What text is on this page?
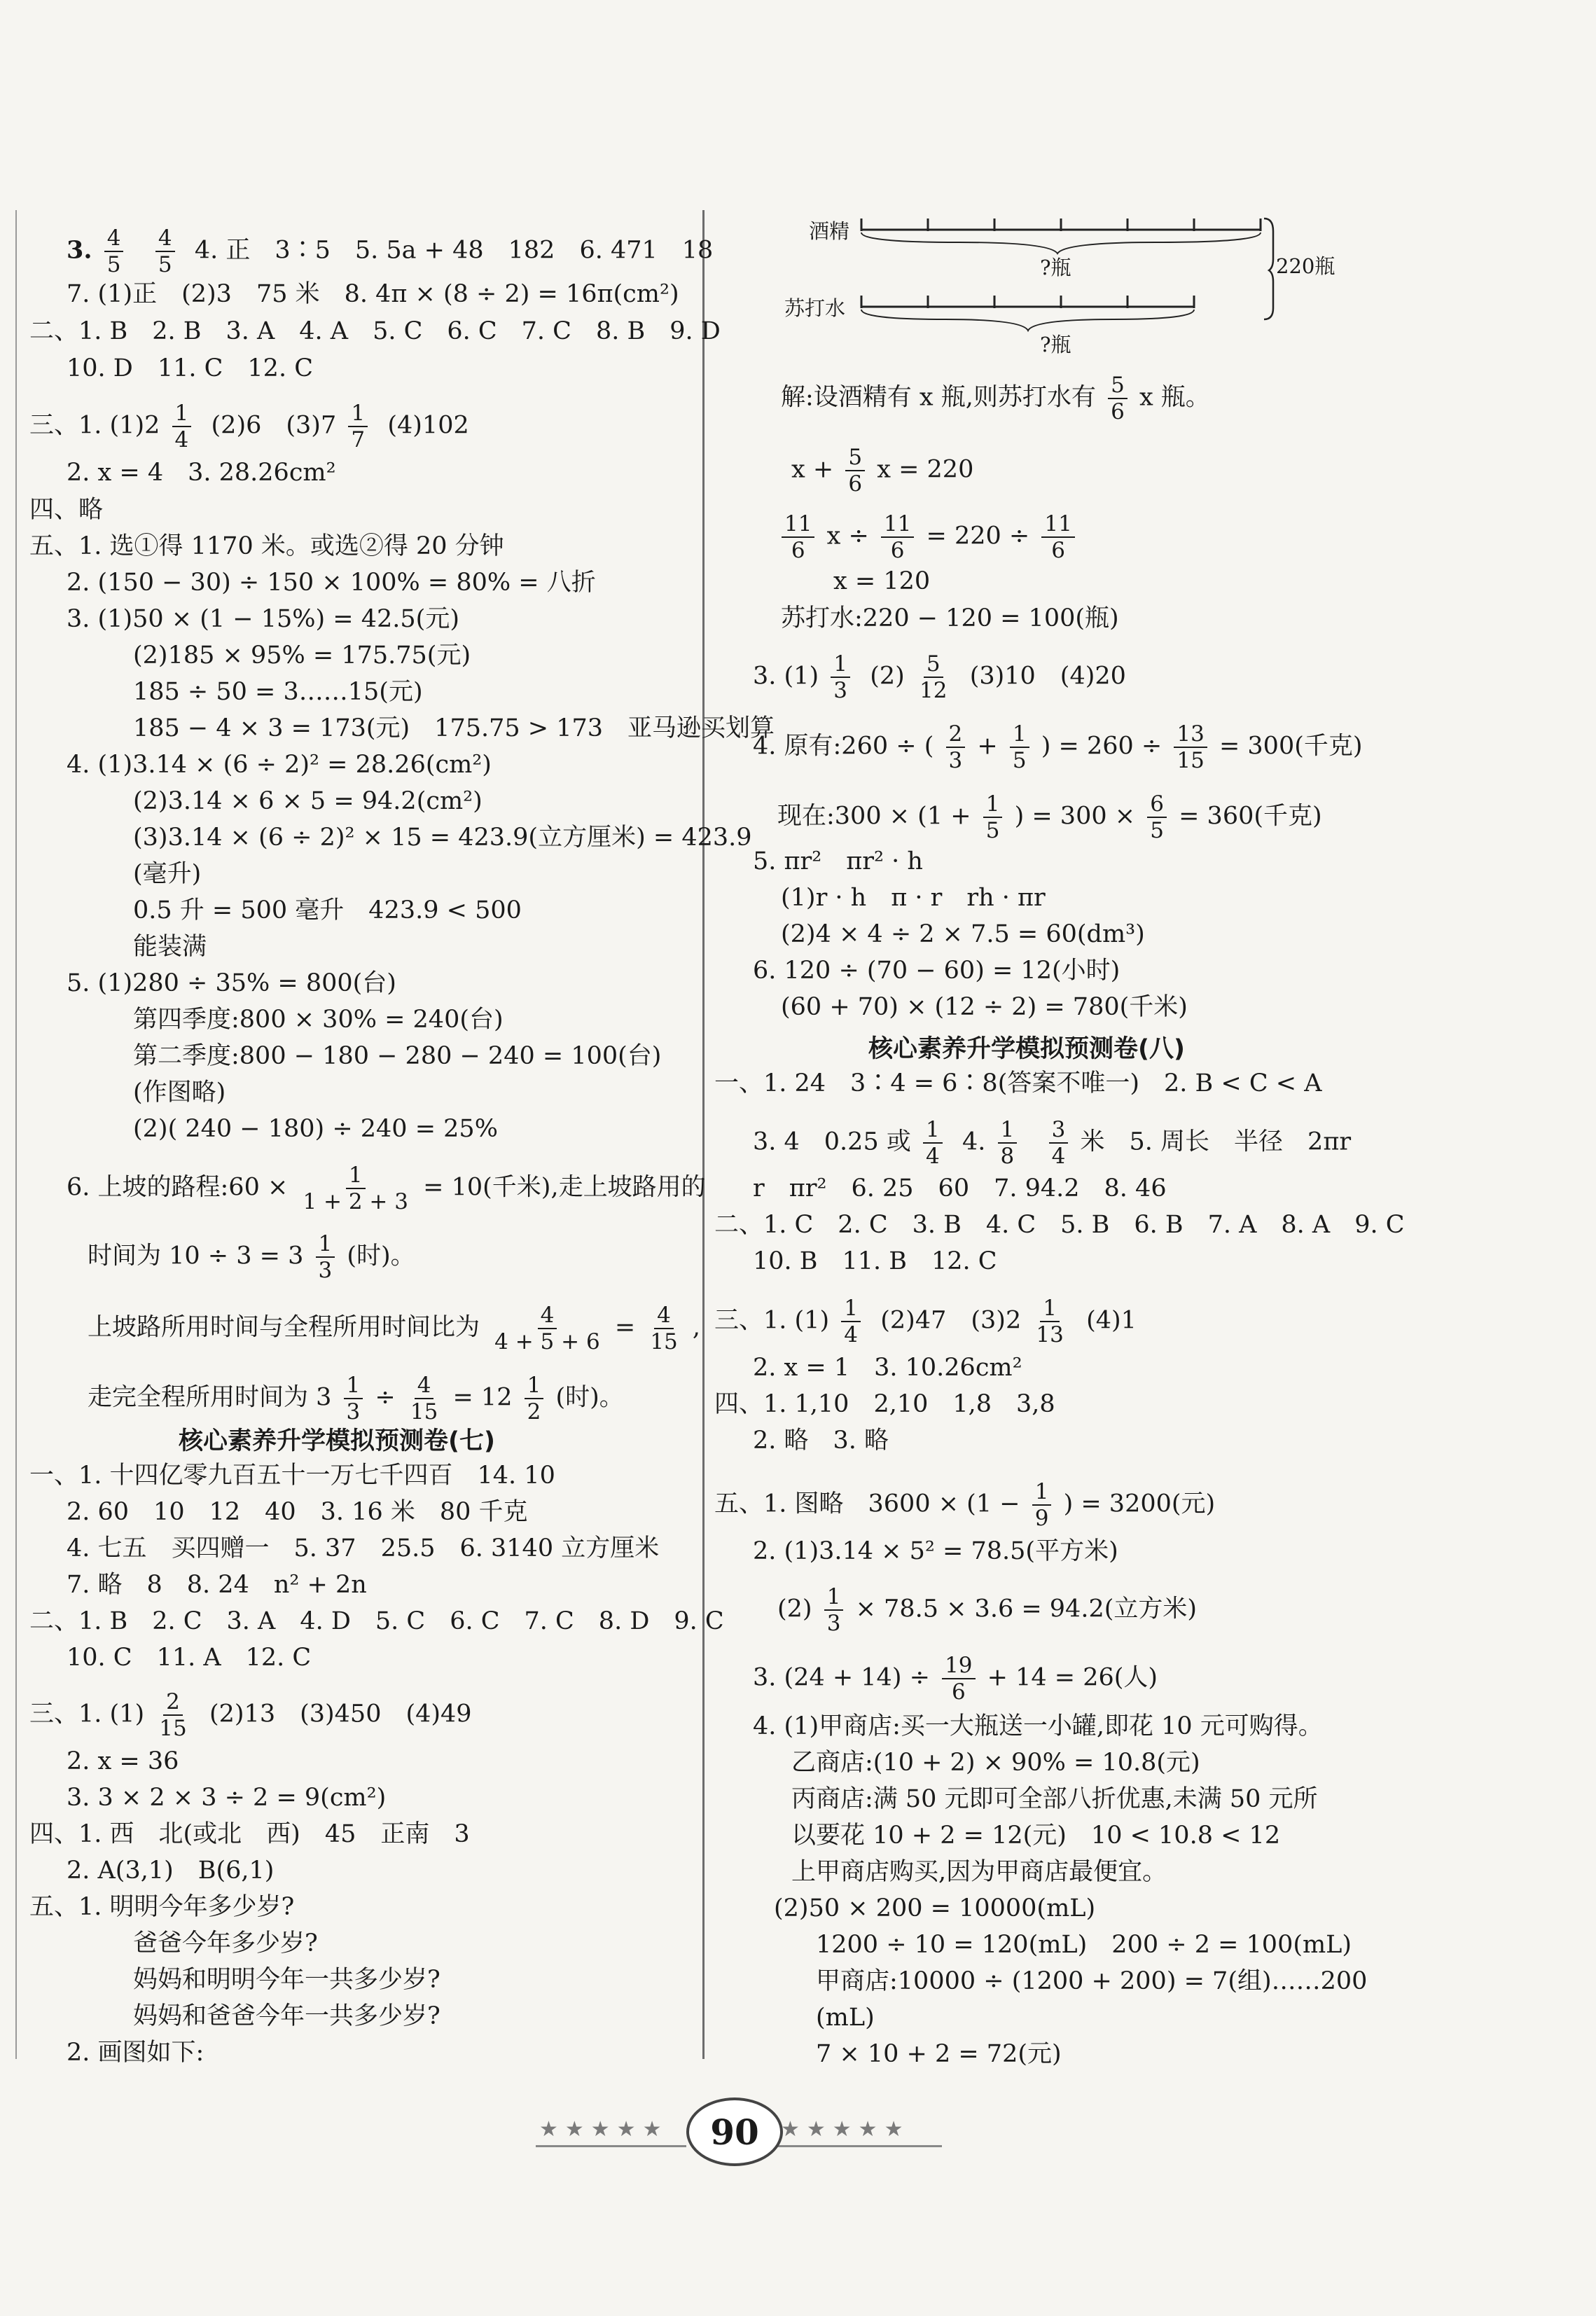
3. $\frac{4}{5}$
$\frac{4}{5} 4$. 正　3∶5　5. 5a + 48　182　6. 471　18
7. (1)正　(2)3　75 米　8. 4π × (8 ÷ 2) = 16π(cm²)
二、1. B　2. B　3. A　4. A　5. C　6. C　7. C　8. B　9. D
10. D　11. C　12. C
三、1. $(1)2 \frac{1}{4} (2)6$　$(3)7 \frac{1}{7} (4)102$
2. x = 4　3. 28.26cm²
四、略
五、1. 选①得 1170 米。或选②得 20 分钟
2. (150 − 30) ÷ 150 × 100% = 80% = 八折
3. (1)50 × (1 − 15%) = 42.5(元)
(2)185 × 95% = 175.75(元)
185 ÷ 50 = 3……15(元)
185 − 4 × 3 = 173(元)　175.75 > 173　亚马逊买划算
4. (1)3.14 × (6 ÷ 2)² = 28.26(cm²)
(2)3.14 × 6 × 5 = 94.2(cm²)
(3)3.14 × (6 ÷ 2)² × 15 = 423.9(立方厘米) = 423.9
(毫升)
0.5 升 = 500 毫升　423.9 < 500
能装满
5. (1)280 ÷ 35% = 800(台)
第四季度:800 × 30% = 240(台)
第二季度:800 − 180 − 280 − 240 = 100(台)
(作图略)
(2)( 240 − 180) ÷ 240 = 25%
6. 上坡的路程:60 × $\frac{1}{1 + 2 + 3} = 10$(千米),走上坡路用的
时间为 $10 \div 3 = 3 \frac{1}{3}$ (时)。
上坡路所用时间与全程所用时间比为 $\frac{4}{4 + 5 + 6} = \frac{4}{15}$ ,
走完全程所用时间为 $3 \frac{1}{3} \div \frac{4}{15} = 12 \frac{1}{2}$ (时)。
核心素养升学模拟预测卷(七)
一、1. 十四亿零九百五十一万七千四百　14. 10
2. 60　10　12　40　3. 16 米　80 千克
4. 七五　买四赠一　5. 37　25.5　6. 3140 立方厘米
7. 略　8　8. 24　n² + 2n
二、1. B　2. C　3. A　4. D　5. C　6. C　7. C　8. D　9. C
10. C　11. A　12. C
三、1. $(1) \frac{2}{15} (2)13$　(3)450　(4)49
2. x = 36
3. 3 × 2 × 3 ÷ 2 = 9(cm²)
四、1. 西　北(或北　西)　45　正南　3
2. A(3,1)　B(6,1)
五、1. 明明今年多少岁?
爸爸今年多少岁?
妈妈和明明今年一共多少岁?
妈妈和爸爸今年一共多少岁?
2. 画图如下:
酒精
苏打水
?瓶
?瓶
220瓶
解:设酒精有 x 瓶,则苏打水有 $\frac{5}{6}$ x 瓶。
$x + \frac{5}{6}$ x = 220
$\frac{11}{6}$ $x \div \frac{11}{6} = 220 \div \frac{11}{6}$
x = 120
苏打水:220 − 120 = 100(瓶)
3. $(1) \frac{1}{3} (2) \frac{5}{12} (3)10$　(4)20
4. 原有:260 ÷ ( $\frac{2}{3} + \frac{1}{5}$ ) = $260 \div \frac{13}{15} = 300$(千克)
现在:300 × ($1 + \frac{1}{5}$ ) = $300 \times \frac{6}{5} = 360$(千克)
5. πr²　πr² · h
(1)r · h　π · r　rh · πr
(2)4 × 4 ÷ 2 × 7.5 = 60(dm³)
6. 120 ÷ (70 − 60) = 12(小时)
(60 + 70) × (12 ÷ 2) = 780(千米)
核心素养升学模拟预测卷(八)
一、1. 24　3∶4 = 6∶8(答案不唯一)　2. B < C < A
3. 4　0.25 或 $\frac{1}{4} 4$. $\frac{1}{8}$
$\frac{3}{4}$ 米　5. 周长　半径　2πr
r　πr²　6. 25　60　7. 94.2　8. 46
二、1. C　2. C　3. B　4. C　5. B　6. B　7. A　8. A　9. C
10. B　11. B　12. C
三、1. $(1) \frac{1}{4} (2)47$　$(3)2 \frac{1}{13} (4)1$
2. x = 1　3. 10.26cm²
四、1. 1,10　2,10　1,8　3,8
2. 略　3. 略
五、1. 图略　$3600 \times (1 - \frac{1}{9}$ ) = 3200(元)
2. (1)3.14 × 5² = 78.5(平方米)
$(2) \frac{1}{3} \times 78.5 \times 3.6 = 94.2$(立方米)
3. $(24 + 14) \div \frac{19}{6} + 14 = 26$(人)
4. (1)甲商店:买一大瓶送一小罐,即花 10 元可购得。
乙商店:(10 + 2) × 90% = 10.8(元)
丙商店:满 50 元即可全部八折优惠,未满 50 元所
以要花 10 + 2 = 12(元)　10 < 10.8 < 12
上甲商店购买,因为甲商店最便宜。
(2)50 × 200 = 10000(mL)
1200 ÷ 10 = 120(mL)　200 ÷ 2 = 100(mL)
甲商店:10000 ÷ (1200 + 200) = 7(组)……200
(mL)
7 × 10 + 2 = 72(元)
★★★★★	90	★★★★★
